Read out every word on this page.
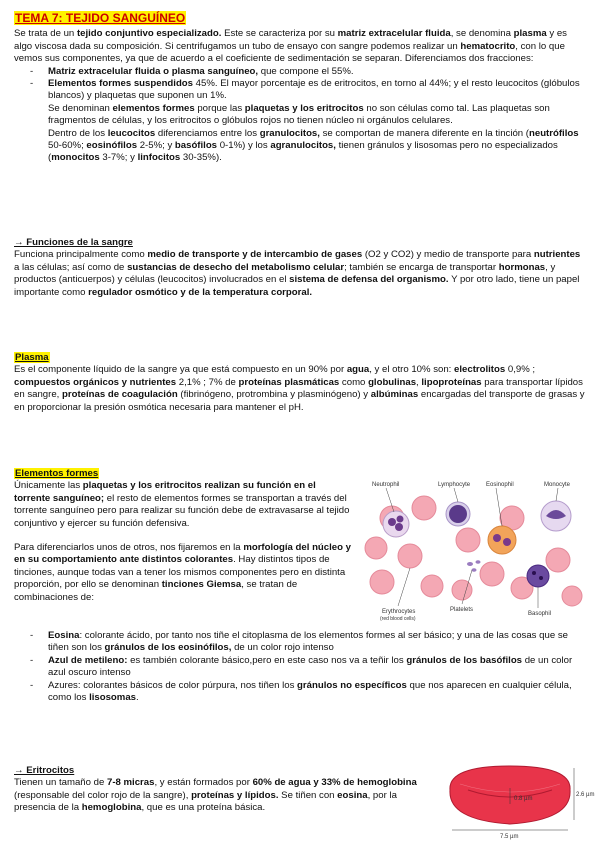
TEMA 7: TEJIDO SANGUÍNEO

Se trata de un tejido conjuntivo especializado. Este se caracteriza por su matriz extracelular fluida, se denomina plasma y es algo viscosa dada su composición. Si centrifugamos un tubo de ensayo con sangre podemos realizar un hematocrito, con lo que vemos sus componentes, ya que de acuerdo a el coeficiente de sedimentación se separan. Diferenciamos dos fracciones:

- Matriz extracelular fluida o plasma sanguíneo, que compone el 55%.
- Elementos formes suspendidos 45%. El mayor porcentaje es de eritrocitos, en torno al 44%; y el resto leucocitos (glóbulos blancos) y plaquetas que suponen un 1%.

Se denominan elementos formes porque las plaquetas y los eritrocitos no son células como tal. Las plaquetas son fragmentos de células, y los eritrocitos o glóbulos rojos no tienen núcleo ni orgánulos celulares.

Dentro de los leucocitos diferenciamos entre los granulocitos, se comportan de manera diferente en la tinción (neutrófilos 50-60%; eosinófilos 2-5%; y basófilos 0-1%) y los agranulocitos, tienen gránulos y lisosomas pero no especializados (monocitos 3-7%; y linfocitos 30-35%).

→ Funciones de la sangre

Funciona principalmente como medio de transporte y de intercambio de gases (O2 y CO2) y medio de transporte para nutrientes a las células; así como de sustancias de desecho del metabolismo celular; también se encarga de transportar hormonas, y productos (anticuerpos) y células (leucocitos) involucrados en el sistema de defensa del organismo. Y por otro lado, tiene un papel importante como regulador osmótico y de la temperatura corporal.

Plasma

Es el componente líquido de la sangre ya que está compuesto en un 90% por agua, y el otro 10% son: electrolitos 0,9% ; compuestos orgánicos y nutrientes 2,1% ; 7% de proteínas plasmáticas como globulinas, lipoproteínas para transportar lípidos en sangre, proteínas de coagulación (fibrinógeno, protrombina y plasminógeno) y albúminas encargadas del transporte de grasas y en proporcionar la presión osmótica necesaria para mantener el pH.

Elementos formes

Únicamente las plaquetas y los eritrocitos realizan su función en el torrente sanguíneo; el resto de elementos formes se transportan a través del torrente sanguíneo pero para realizar su función debe de extravasarse al tejido conjuntivo y ejercer su función defensiva.

Para diferenciarlos unos de otros, nos fijaremos en la morfología del núcleo y en su comportamiento ante distintos colorantes. Hay distintos tipos de tinciones, aunque todas van a tener los mismos componentes pero en distinta proporción, por ello se denominan tinciones Giemsa, se tratan de combinaciones de:

- Eosina: colorante ácido, por tanto nos tiñe el citoplasma de los elementos formes al ser básico; y una de las cosas que se tiñen son los gránulos de los eosinófilos, de un color rojo intenso
- Azul de metileno: es también colorante básico,pero en este caso nos va a teñir los gránulos de los basófilos de un color azul oscuro intenso
- Azures: colorantes básicos de color púrpura, nos tiñen los gránulos no específicos que nos aparecen en cualquier célula, como los lisosomas.
Neutrophil	Lymphocyte	Eosinophil	Monocyte
Erythrocytes
(red blood cells)
Platelets
Basophil

→ Eritrocitos

Tienen un tamaño de 7-8 micras, y están formados por 60% de agua y 33% de hemoglobina (responsable del color rojo de la sangre), proteínas y lípidos. Se tiñen con eosina, por la presencia de la hemoglobina, que es una proteína básica.

0.8 µm
2.6 µm
7.5 µm
